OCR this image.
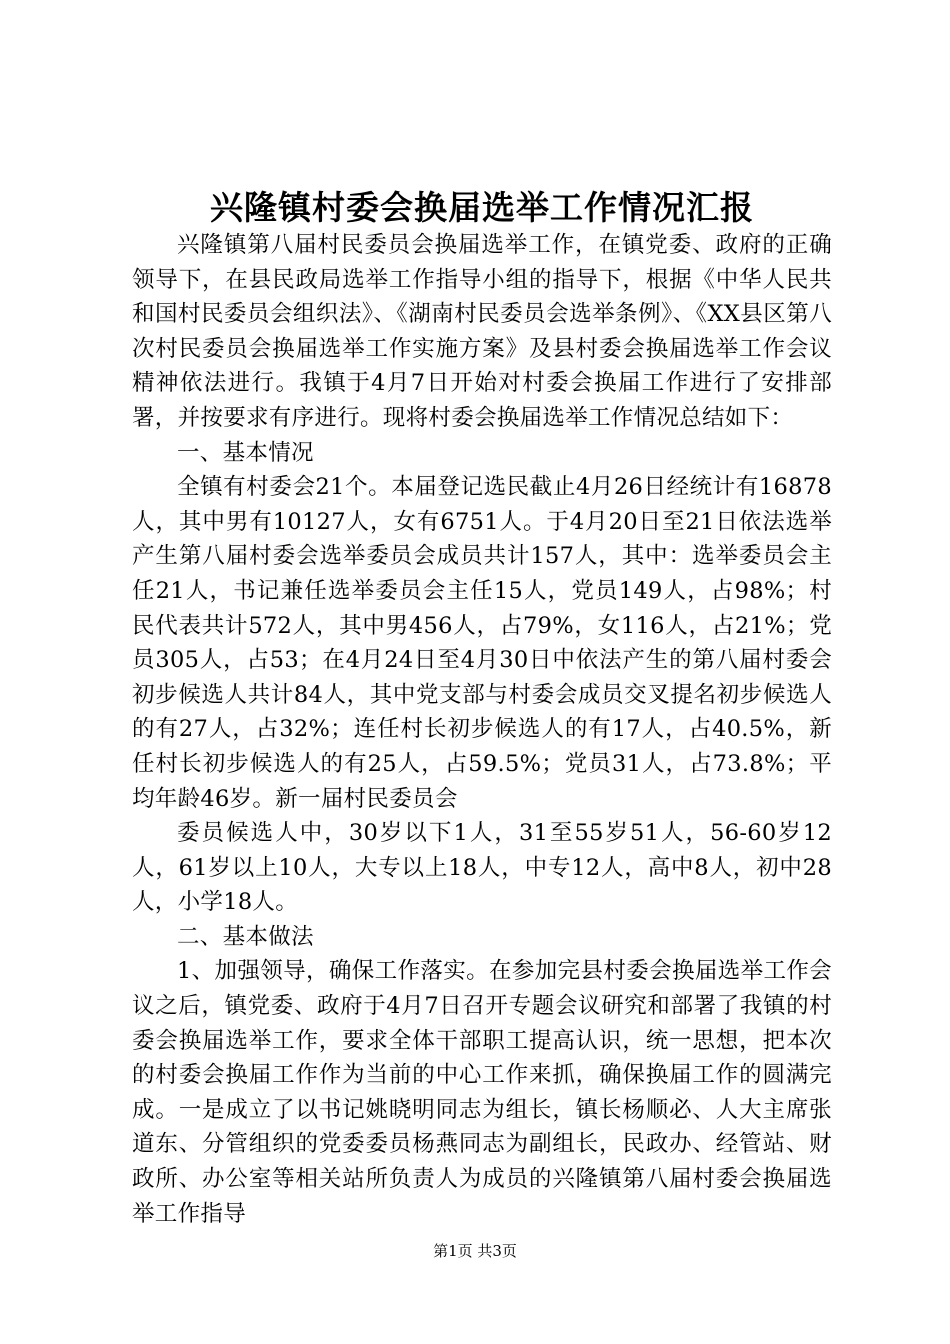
兴隆镇村委会换届选举工作情况汇报

兴隆镇第八届村民委员会换届选举工作，在镇党委、政府的正确领导下，在县民政局选举工作指导小组的指导下，根据《中华人民共和国村民委员会组织法》、《湖南村民委员会选举条例》、《XX县区第八次村民委员会换届选举工作实施方案》及县村委会换届选举工作会议精神依法进行。我镇于4月7日开始对村委会换届工作进行了安排部署，并按要求有序进行。现将村委会换届选举工作情况总结如下：

一、基本情况

全镇有村委会21个。本届登记选民截止4月26日经统计有16878人，其中男有10127人，女有6751人。于4月20日至21日依法选举产生第八届村委会选举委员会成员共计157人，其中：选举委员会主任21人，书记兼任选举委员会主任15人，党员149人，占98%；村民代表共计572人，其中男456人，占79%，女116人，占21%；党员305人，占53；在4月24日至4月30日中依法产生的第八届村委会初步候选人共计84人，其中党支部与村委会成员交叉提名初步候选人的有27人，占32%；连任村长初步候选人的有17人，占40.5%，新任村长初步候选人的有25人，占59.5%；党员31人，占73.8%；平均年龄46岁。新一届村民委员会

委员候选人中，30岁以下1人，31至55岁51人，56-60岁12人，61岁以上10人，大专以上18人，中专12人，高中8人，初中28人，小学18人。

二、基本做法

1、加强领导，确保工作落实。在参加完县村委会换届选举工作会议之后，镇党委、政府于4月7日召开专题会议研究和部署了我镇的村委会换届选举工作，要求全体干部职工提高认识，统一思想，把本次的村委会换届工作作为当前的中心工作来抓，确保换届工作的圆满完成。一是成立了以书记姚晓明同志为组长，镇长杨顺必、人大主席张道东、分管组织的党委委员杨燕同志为副组长，民政办、经管站、财政所、办公室等相关站所负责人为成员的兴隆镇第八届村委会换届选举工作指导

第1页 共3页
